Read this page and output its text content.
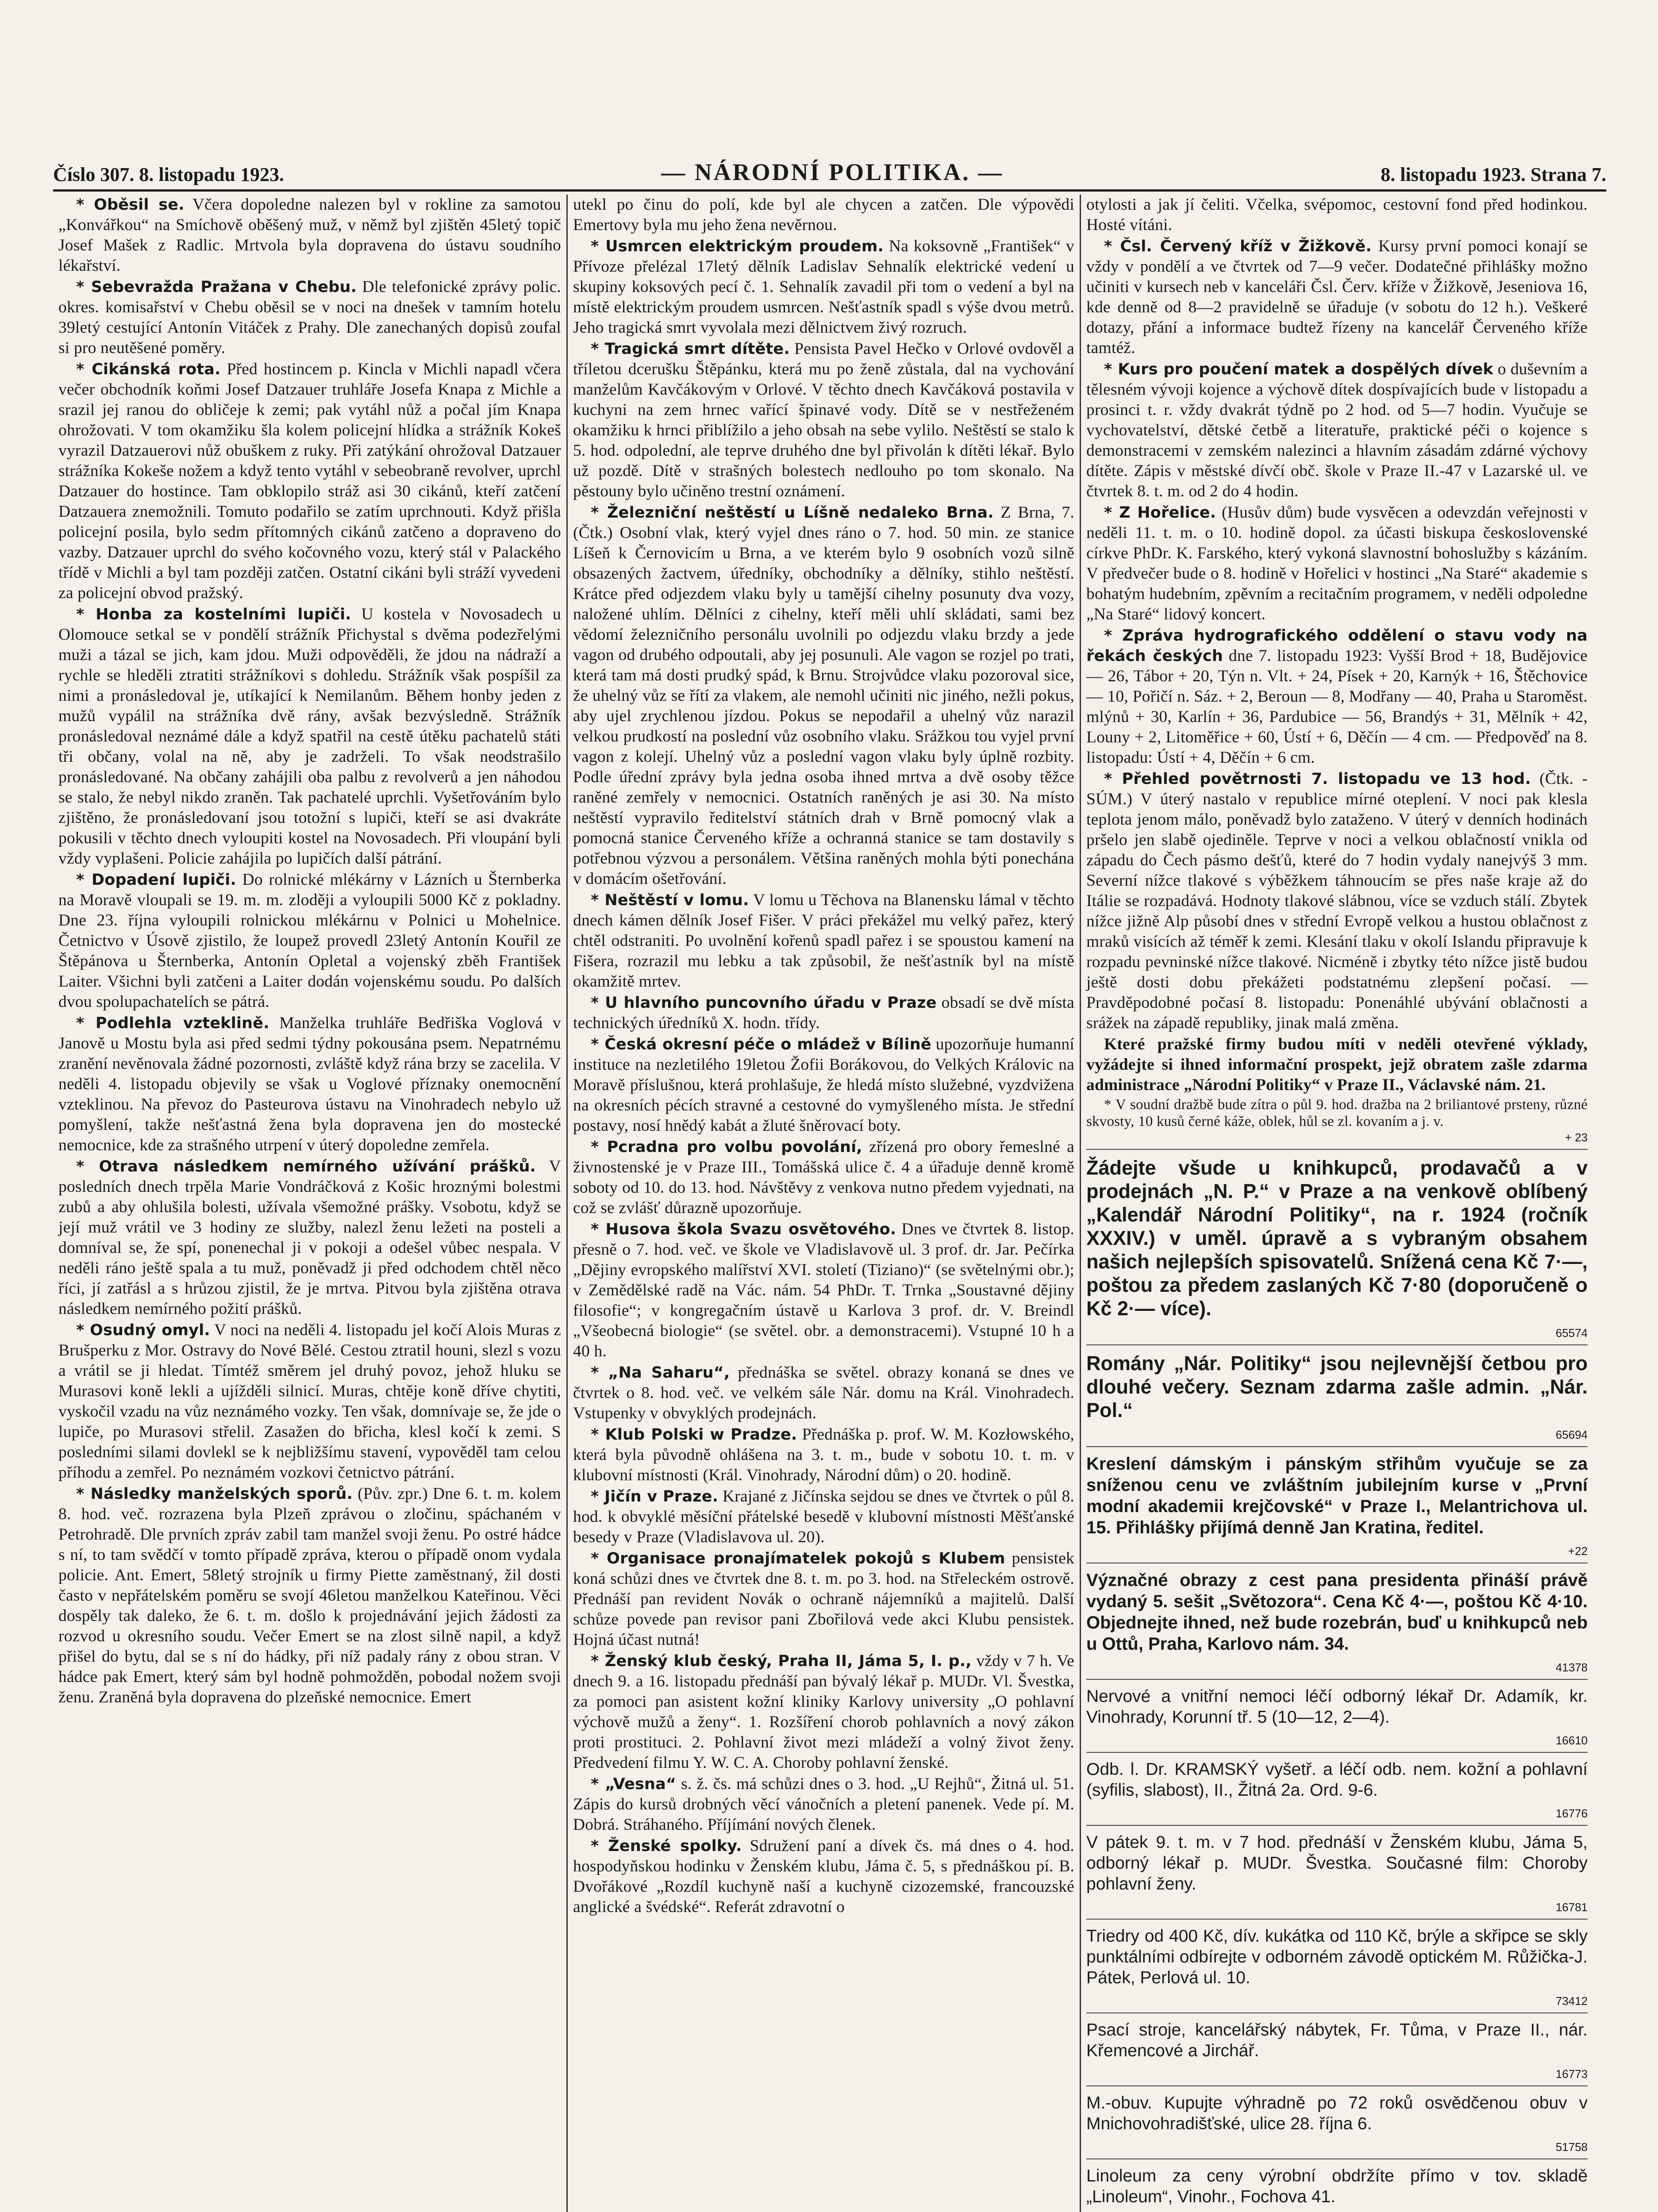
Číslo 307. 8. listopadu 1923.	— NÁRODNÍ POLITIKA. —	8. listopadu 1923. Strana 7.

* Oběsil se. Včera dopoledne nalezen byl v rokline za samotou „Konvářkou“ na Smíchově oběšený muž, v němž byl zjištěn 45letý topič Josef Mašek z Radlic. Mrtvola byla dopravena do ústavu soudního lékařství.

* Sebevražda Pražana v Chebu. Dle telefonické zprávy polic. okres. komisařství v Chebu oběsil se v noci na dnešek v tamním hotelu 39letý cestující Antonín Vitáček z Prahy. Dle zanechaných dopisů zoufal si pro neutěšené poměry.

* Cikánská rota. Před hostincem p. Kincla v Michli napadl včera večer obchodník koňmi Josef Datzauer truhláře Josefa Knapa z Michle a srazil jej ranou do obličeje k zemi; pak vytáhl nůž a počal jím Knapa ohrožovati. V tom okamžiku šla kolem policejní hlídka a strážník Kokeš vyrazil Datzauerovi nůž obuškem z ruky. Při zatýkání ohrožoval Datzauer strážníka Kokeše nožem a když tento vytáhl v sebeobraně revolver, uprchl Datzauer do hostince. Tam obklopilo stráž asi 30 cikánů, kteří zatčení Datzauera znemožnili. Tomuto podařilo se zatím uprchnouti. Když přišla policejní posila, bylo sedm přítomných cikánů zatčeno a dopraveno do vazby. Datzauer uprchl do svého kočovného vozu, který stál v Palackého třídě v Michli a byl tam později zatčen. Ostatní cikáni byli stráží vyvedeni za policejní obvod pražský.

* Honba za kostelními lupiči. U kostela v Novosadech u Olomouce setkal se v pondělí strážník Přichystal s dvěma podezřelými muži a tázal se jich, kam jdou. Muži odpověděli, že jdou na nádraží a rychle se hleděli ztratiti strážníkovi s dohledu. Strážník však pospíšil za nimi a pronásledoval je, utíkající k Nemilanům. Během honby jeden z mužů vypálil na strážníka dvě rány, avšak bezvýsledně. Strážník pronásledoval neznámé dále a když spatřil na cestě útěku pachatelů státi tři občany, volal na ně, aby je zadrželi. To však neodstrašilo pronásledované. Na občany zahájili oba palbu z revolverů a jen náhodou se stalo, že nebyl nikdo zraněn. Tak pachatelé uprchli. Vyšetřováním bylo zjištěno, že pronásledovaní jsou totožní s lupiči, kteří se asi dvakráte pokusili v těchto dnech vyloupiti kostel na Novosadech. Při vloupání byli vždy vyplašeni. Policie zahájila po lupičích další pátrání.

* Dopadení lupiči. Do rolnické mlékárny v Lázních u Šternberka na Moravě vloupali se 19. m. m. zloději a vyloupili 5000 Kč z pokladny. Dne 23. října vyloupili rolnickou mlékárnu v Polnici u Mohelnice. Četnictvo v Úsově zjistilo, že loupež provedl 23letý Antonín Kouřil ze Štěpánova u Šternberka, Antonín Opletal a vojenský zběh František Laiter. Všichni byli zatčeni a Laiter dodán vojenskému soudu. Po dalších dvou spolupachatelích se pátrá.

* Podlehla vzteklině. Manželka truhláře Bedřiška Voglová v Janově u Mostu byla asi před sedmi týdny pokousána psem. Nepatrnému zranění nevěnovala žádné pozornosti, zvláště když rána brzy se zacelila. V neděli 4. listopadu objevily se však u Voglové příznaky onemocnění vzteklinou. Na převoz do Pasteurova ústavu na Vinohradech nebylo už pomyšlení, takže nešťastná žena byla dopravena jen do mostecké nemocnice, kde za strašného utrpení v úterý dopoledne zemřela.

* Otrava následkem nemírného užívání prášků. V posledních dnech trpěla Marie Vondráčková z Košic hroznými bolestmi zubů a aby ohlušila bolesti, užívala všemožné prášky. Vsobotu, když se její muž vrátil ve 3 hodiny ze služby, nalezl ženu ležeti na posteli a domníval se, že spí, ponenechal ji v pokoji a odešel vůbec nespala. V neděli ráno ještě spala a tu muž, poněvadž ji před odchodem chtěl něco říci, jí zatřásl a s hrůzou zjistil, že je mrtva. Pitvou byla zjištěna otrava následkem nemírného požití prášků.

* Osudný omyl. V noci na neděli 4. listopadu jel kočí Alois Muras z Brušperku z Mor. Ostravy do Nové Bělé. Cestou ztratil houni, slezl s vozu a vrátil se ji hledat. Tímtéž směrem jel druhý povoz, jehož hluku se Murasovi koně lekli a ujížděli silnicí. Muras, chtěje koně dříve chytiti, vyskočil vzadu na vůz neznámého vozky. Ten však, domnívaje se, že jde o lupiče, po Murasovi střelil. Zasažen do břicha, klesl kočí k zemi. S posledními silami dovlekl se k nejbližšímu stavení, vypověděl tam celou příhodu a zemřel. Po neznámém vozkovi četnictvo pátrání.

* Následky manželských sporů. (Pův. zpr.) Dne 6. t. m. kolem 8. hod. več. rozrazena byla Plzeň zprávou o zločinu, spáchaném v Petrohradě. Dle prvních zpráv zabil tam manžel svoji ženu. Po ostré hádce s ní, to tam svědčí v tomto případě zpráva, kterou o případě onom vydala policie. Ant. Emert, 58letý strojník u firmy Piette zaměstnaný, žil dosti často v nepřátelském poměru se svojí 46letou manželkou Kateřinou. Věci dospěly tak daleko, že 6. t. m. došlo k projednávání jejich žádosti za rozvod u okresního soudu. Večer Emert se na zlost silně napil, a když přišel do bytu, dal se s ní do hádky, při níž padaly rány z obou stran. V hádce pak Emert, který sám byl hodně pohmožděn, pobodal nožem svoji ženu. Zraněná byla dopravena do plzeňské nemocnice. Emert

utekl po činu do polí, kde byl ale chycen a zatčen. Dle výpovědi Emertovy byla mu jeho žena nevěrnou.

* Usmrcen elektrickým proudem. Na koksovně „František“ v Přívoze přelézal 17letý dělník Ladislav Sehnalík elektrické vedení u skupiny koksových pecí č. 1. Sehnalík zavadil při tom o vedení a byl na místě elektrickým proudem usmrcen. Nešťastník spadl s výše dvou metrů. Jeho tragická smrt vyvolala mezi dělnictvem živý rozruch.

* Tragická smrt dítěte. Pensista Pavel Hečko v Orlové ovdověl a tříletou dcerušku Štěpánku, která mu po ženě zůstala, dal na vychování manželům Kavčákovým v Orlové. V těchto dnech Kavčáková postavila v kuchyni na zem hrnec vařící špinavé vody. Dítě se v nestřeženém okamžiku k hrnci přiblížilo a jeho obsah na sebe vylilo. Neštěstí se stalo k 5. hod. odpolední, ale teprve druhého dne byl přivolán k dítěti lékař. Bylo už pozdě. Dítě v strašných bolestech nedlouho po tom skonalo. Na pěstouny bylo učiněno trestní oznámení.

* Železniční neštěstí u Líšně nedaleko Brna. Z Brna, 7. (Čtk.) Osobní vlak, který vyjel dnes ráno o 7. hod. 50 min. ze stanice Líšeň k Černovicím u Brna, a ve kterém bylo 9 osobních vozů silně obsazených žactvem, úředníky, obchodníky a dělníky, stihlo neštěstí. Krátce před odjezdem vlaku byly u tamější cihelny posunuty dva vozy, naložené uhlím. Dělníci z cihelny, kteří měli uhlí skládati, sami bez vědomí železničního personálu uvolnili po odjezdu vlaku brzdy a jede vagon od drubého odpoutali, aby jej posunuli. Ale vagon se rozjel po trati, která tam má dosti prudký spád, k Brnu. Strojvůdce vlaku pozoroval sice, že uhelný vůz se řítí za vlakem, ale nemohl učiniti nic jiného, nežli pokus, aby ujel zrychlenou jízdou. Pokus se nepodařil a uhelný vůz narazil velkou prudkostí na poslední vůz osobního vlaku. Srážkou tou vyjel první vagon z kolejí. Uhelný vůz a poslední vagon vlaku byly úplně rozbity. Podle úřední zprávy byla jedna osoba ihned mrtva a dvě osoby těžce raněné zemřely v nemocnici. Ostatních raněných je asi 30. Na místo neštěstí vypravilo ředitelství státních drah v Brně pomocný vlak a pomocná stanice Červeného kříže a ochranná stanice se tam dostavily s potřebnou výzvou a personálem. Většina raněných mohla býti ponechána v domácím ošetřování.

* Neštěstí v lomu. V lomu u Těchova na Blanensku lámal v těchto dnech kámen dělník Josef Fišer. V práci překážel mu velký pařez, který chtěl odstraniti. Po uvolnění kořenů spadl pařez i se spoustou kamení na Fišera, rozrazil mu lebku a tak způsobil, že nešťastník byl na místě okamžitě mrtev.

* U hlavního puncovního úřadu v Praze obsadí se dvě místa technických úředníků X. hodn. třídy.

* Česká okresní péče o mládež v Bílině upozorňuje humanní instituce na nezletilého 19letou Žofii Borákovou, do Velkých Královic na Moravě příslušnou, která prohlašuje, že hledá místo služebné, vyzdvižena na okresních pécích stravné a cestovné do vymyšleného místa. Je střední postavy, nosí hnědý kabát a žluté šněrovací boty.

* Pcradna pro volbu povolání, zřízená pro obory řemeslné a živnostenské je v Praze III., Tomášská ulice č. 4 a úřaduje denně kromě soboty od 10. do 13. hod. Návštěvy z venkova nutno předem vyjednati, na což se zvlášť důrazně upozorňuje.

* Husova škola Svazu osvětového. Dnes ve čtvrtek 8. listop. přesně o 7. hod. več. ve škole ve Vladislavově ul. 3 prof. dr. Jar. Pečírka „Dějiny evropského malířství XVI. století (Tiziano)“ (se světelnými obr.); v Zemědělské radě na Vác. nám. 54 PhDr. T. Trnka „Soustavné dějiny filosofie“; v kongregačním ústavě u Karlova 3 prof. dr. V. Breindl „Všeobecná biologie“ (se světel. obr. a demonstracemi). Vstupné 10 h a 40 h.

* „Na Saharu“, přednáška se světel. obrazy konaná se dnes ve čtvrtek o 8. hod. več. ve velkém sále Nár. domu na Král. Vinohradech. Vstupenky v obvyklých prodejnách.

* Klub Polski w Pradze. Přednáška p. prof. W. M. Kozłowského, která byla původně ohlášena na 3. t. m., bude v sobotu 10. t. m. v klubovní místnosti (Král. Vinohrady, Národní dům) o 20. hodině.

* Jičín v Praze. Krajané z Jičínska sejdou se dnes ve čtvrtek o půl 8. hod. k obvyklé měsíční přátelské besedě v klubovní místnosti Měšťanské besedy v Praze (Vladislavova ul. 20).

* Organisace pronajímatelek pokojů s Klubem pensistek koná schůzi dnes ve čtvrtek dne 8. t. m. po 3. hod. na Střeleckém ostrově. Přednáší pan revident Novák o ochraně nájemníků a majitelů. Další schůze povede pan revisor pani Zbořilová vede akci Klubu pensistek. Hojná účast nutná!

* Ženský klub český, Praha II, Jáma 5, I. p., vždy v 7 h. Ve dnech 9. a 16. listopadu přednáší pan bývalý lékař p. MUDr. Vl. Švestka, za pomoci pan asistent kožní kliniky Karlovy university „O pohlavní výchově mužů a ženy“. 1. Rozšíření chorob pohlavních a nový zákon proti prostituci. 2. Pohlavní život mezi mládeží a volný život ženy. Předvedení filmu Y. W. C. A. Choroby pohlavní ženské.

* „Vesna“ s. ž. čs. má schůzi dnes o 3. hod. „U Rejhů“, Žitná ul. 51. Zápis do kursů drobných věcí vánočních a pletení panenek. Vede pí. M. Dobrá. Stráhaného. Příjímání nových členek.

* Ženské spolky. Sdružení paní a dívek čs. má dnes o 4. hod. hospodyňskou hodinku v Ženském klubu, Jáma č. 5, s přednáškou pí. B. Dvořákové „Rozdíl kuchyně naší a kuchyně cizozemské, francouzské anglické a švédské“. Referát zdravotní o

otylosti a jak jí čeliti. Včelka, svépomoc, cestovní fond před hodinkou. Hosté vítáni.

* Čsl. Červený kříž v Žižkově. Kursy první pomoci konají se vždy v pondělí a ve čtvrtek od 7—9 večer. Dodatečné přihlášky možno učiniti v kursech neb v kanceláři Čsl. Červ. kříže v Žižkově, Jeseniova 16, kde denně od 8—2 pravidelně se úřaduje (v sobotu do 12 h.). Veškeré dotazy, přání a informace budtež řízeny na kancelář Červeného kříže tamtéž.

* Kurs pro poučení matek a dospělých dívek o duševním a tělesném vývoji kojence a výchově dítek dospívajících bude v listopadu a prosinci t. r. vždy dvakrát týdně po 2 hod. od 5—7 hodin. Vyučuje se vychovatelství, dětské četbě a literatuře, praktické péči o kojence s demonstracemi v zemském nalezinci a hlavním zásadám zdárné výchovy dítěte. Zápis v městské dívčí obč. škole v Praze II.-47 v Lazarské ul. ve čtvrtek 8. t. m. od 2 do 4 hodin.

* Z Hořelice. (Husův dům) bude vysvěcen a odevzdán veřejnosti v neděli 11. t. m. o 10. hodině dopol. za účasti biskupa československé církve PhDr. K. Farského, který vykoná slavnostní bohoslužby s kázáním. V předvečer bude o 8. hodině v Hořelici v hostinci „Na Staré“ akademie s bohatým hudebním, zpěvním a recitačním programem, v neděli odpoledne „Na Staré“ lidový koncert.

* Zpráva hydrografického oddělení o stavu vody na řekách českých dne 7. listopadu 1923: Vyšší Brod + 18, Budějovice — 26, Tábor + 20, Týn n. Vlt. + 24, Písek + 20, Karnýk + 16, Štěchovice — 10, Pořičí n. Sáz. + 2, Beroun — 8, Modřany — 40, Praha u Staroměst. mlýnů + 30, Karlín + 36, Pardubice — 56, Brandýs + 31, Mělník + 42, Louny + 2, Litoměřice + 60, Ústí + 6, Děčín — 4 cm. — Předpověď na 8. listopadu: Ústí + 4, Děčín + 6 cm.

* Přehled povětrnosti 7. listopadu ve 13 hod. (Čtk. - SÚM.) V úterý nastalo v republice mírné oteplení. V noci pak klesla teplota jenom málo, poněvadž bylo zataženo. V úterý v denních hodinách pršelo jen slabě ojediněle. Teprve v noci a velkou oblačností vnikla od západu do Čech pásmo dešťů, které do 7 hodin vydaly nanejvýš 3 mm. Severní nížce tlakové s výběžkem táhnoucím se přes naše kraje až do Itálie se rozpadává. Hodnoty tlakové slábnou, více se vzduch stálí. Zbytek nížce jižně Alp působí dnes v střední Evropě velkou a hustou oblačnost z mraků visících až téměř k zemi. Klesání tlaku v okolí Islandu připravuje k rozpadu pevninské nížce tlakové. Nicméně i zbytky této nížce jistě budou ještě dosti dobu překážeti podstatnému zlepšení počasí. — Pravděpodobné počasí 8. listopadu: Ponenáhlé ubývání oblačnosti a srážek na západě republiky, jinak malá změna.

Které pražské firmy budou míti v neděli otevřené výklady, vyžádejte si ihned informační prospekt, jejž obratem zašle zdarma administrace „Národní Politiky“ v Praze II., Václavské nám. 21.

* V soudní dražbě bude zítra o půl 9. hod. dražba na 2 briliantové prsteny, různé skvosty, 10 kusů černé káže, oblek, hůl se zl. kovaním a j. v.

+ 23
Žádejte všude u knihkupců, prodavačů a v prodejnách „N. P.“ v Praze a na venkově oblíbený „Kalendář Národní Politiky“, na r. 1924 (ročník XXXIV.) v uměl. úpravě a s vybraným obsahem našich nejlepších spisovatelů. Snížená cena Kč 7·—, poštou za předem zaslaných Kč 7·80 (doporučeně o Kč 2·— více).
65574
Romány „Nár. Politiky“ jsou nejlevnější četbou pro dlouhé večery. Seznam zdarma zašle admin. „Nár. Pol.“
65694
Kreslení dámským i pánským střihům vyučuje se za sníženou cenu ve zvláštním jubilejním kurse v „První modní akademii krejčovské“ v Praze I., Melantrichova ul. 15. Přihlášky přijímá denně Jan Kratina, ředitel.
+22
Význačné obrazy z cest pana presidenta přináší právě vydaný 5. sešit „Světozora“. Cena Kč 4·—, poštou Kč 4·10. Objednejte ihned, než bude rozebrán, buď u knihkupců neb u Ottů, Praha, Karlovo nám. 34.
41378
Nervové a vnitřní nemoci léčí odborný lékař Dr. Adamík, kr. Vinohrady, Korunní tř. 5 (10—12, 2—4).
16610
Odb. l. Dr. KRAMSKÝ vyšetř. a léčí odb. nem. kožní a pohlavní (syfilis, slabost), II., Žitná 2a. Ord. 9-6.
16776
V pátek 9. t. m. v 7 hod. přednáší v Ženském klubu, Jáma 5, odborný lékař p. MUDr. Švestka. Současné film: Choroby pohlavní ženy.
16781
Triedry od 400 Kč, dív. kukátka od 110 Kč, brýle a skřipce se skly punktálními odbírejte v odborném závodě optickém M. Růžička-J. Pátek, Perlová ul. 10.
73412
Psací stroje, kancelářský nábytek, Fr. Tůma, v Praze II., nár. Křemencové a Jirchář.
16773
M.-obuv. Kupujte výhradně po 72 roků osvědčenou obuv v Mnichovohradišťské, ulice 28. října 6.
51758
Linoleum za ceny výrobní obdržíte přímo v tov. skladě „Linoleum“, Vinohr., Fochova 41.
